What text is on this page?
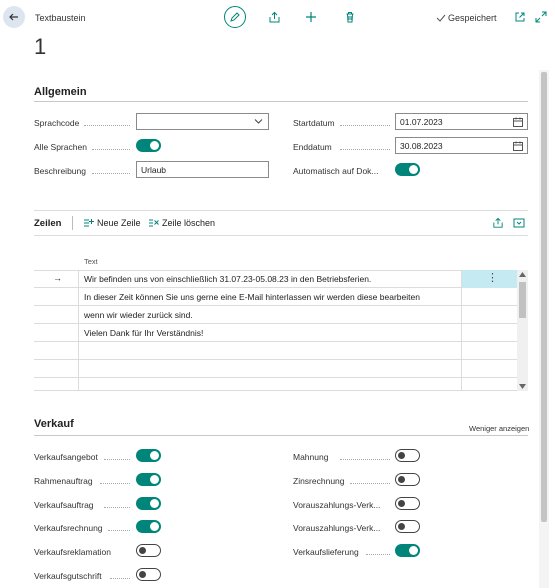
Textbaustein
1
Gespeichert
Allgemein
Sprachcode
Alle Sprachen
Beschreibung	Urlaub
Startdatum	01.07.2023
Enddatum	30.08.2023
Automatisch auf Dok...
Zeilen	Neue Zeile Zeile löschen
Text
→	Wir befinden uns von einschließlich 31.07.23-05.08.23 in den Betriebsferien.	⋮
In dieser Zeit können Sie uns gerne eine E-Mail hinterlassen wir werden diese bearbeiten
wenn wir wieder zurück sind.
Vielen Dank für Ihr Verständnis!
Verkauf	Weniger anzeigen
Verkaufsangebot
Rahmenauftrag
Verkaufsauftrag
Verkaufsrechnung
Verkaufsreklamation
Verkaufsgutschrift
Mahnung
Zinsrechnung
Vorauszahlungs-Verk...
Vorauszahlungs-Verk...
Verkaufslieferung
